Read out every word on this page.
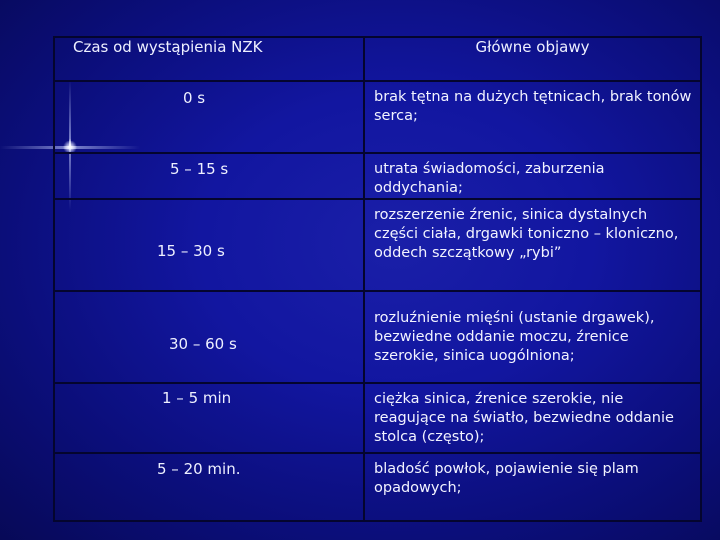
Czas od wystąpienia NZK	Główne objawy

0 s	brak tętna na dużych tętnicach, brak tonów serca;

5 – 15 s	utrata świadomości, zaburzenia oddychania;

15 – 30 s	rozszerzenie źrenic, sinica dystalnych części ciała, drgawki toniczno – kloniczno, oddech szczątkowy „rybi”

30 – 60 s	rozluźnienie mięśni (ustanie drgawek), bezwiedne oddanie moczu, źrenice szerokie, sinica uogólniona;

1 – 5 min	ciężka sinica, źrenice szerokie, nie reagujące na światło, bezwiedne oddanie stolca (często);

5 – 20 min.	bladość powłok, pojawienie się plam opadowych;
